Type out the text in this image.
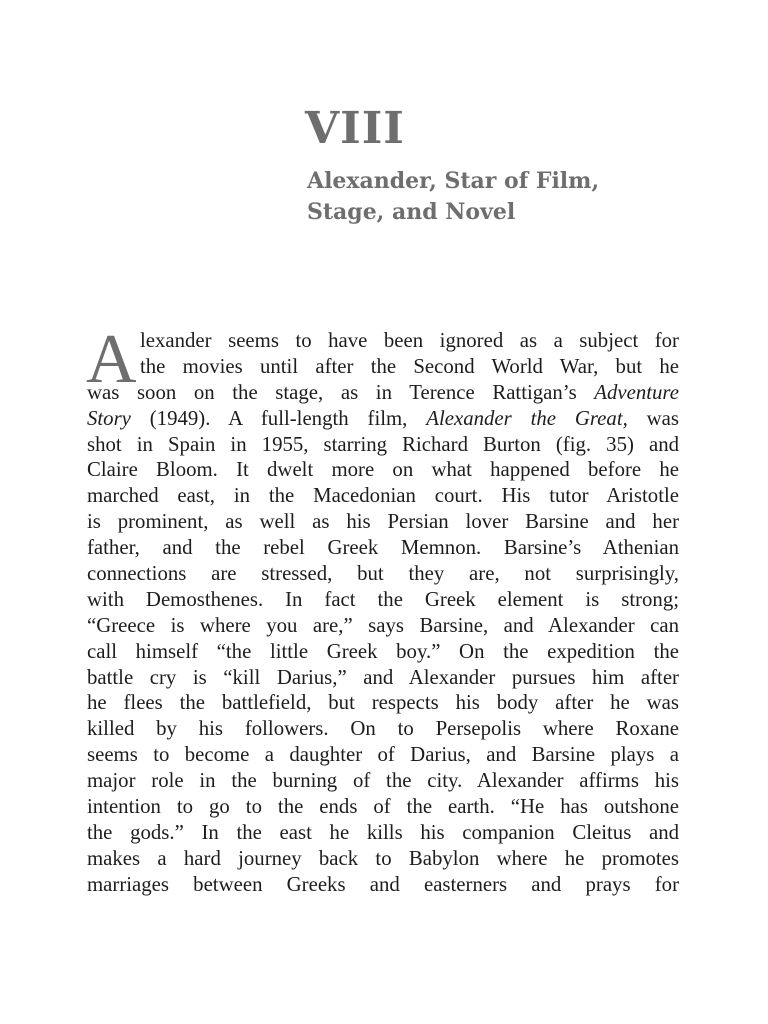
VIII
Alexander, Star of Film,
Stage, and Novel
A lexander seems to have been ignored as a subject for
the movies until after the Second World War, but he
was soon on the stage, as in Terence Rattigan’s Adventure
Story (1949). A full-length film, Alexander the Great, was
shot in Spain in 1955, starring Richard Burton (fig. 35) and
Claire Bloom. It dwelt more on what happened before he
marched east, in the Macedonian court. His tutor Aristotle
is prominent, as well as his Persian lover Barsine and her
father, and the rebel Greek Memnon. Barsine’s Athenian
connections are stressed, but they are, not surprisingly,
with Demosthenes. In fact the Greek element is strong;
“Greece is where you are,” says Barsine, and Alexander can
call himself “the little Greek boy.” On the expedition the
battle cry is “kill Darius,” and Alexander pursues him after
he flees the battlefield, but respects his body after he was
killed by his followers. On to Persepolis where Roxane
seems to become a daughter of Darius, and Barsine plays a
major role in the burning of the city. Alexander affirms his
intention to go to the ends of the earth. “He has outshone
the gods.” In the east he kills his companion Cleitus and
makes a hard journey back to Babylon where he promotes
marriages between Greeks and easterners and prays for
